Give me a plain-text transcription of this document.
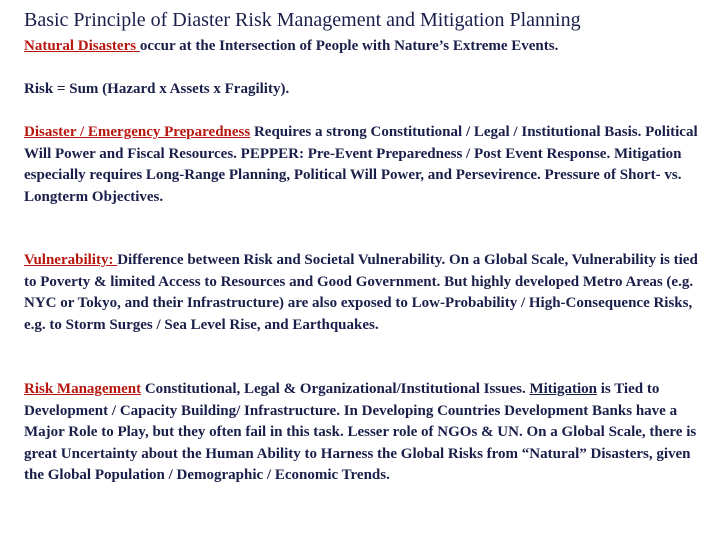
Basic Principle of Diaster Risk Management and Mitigation Planning

Natural Disasters occur at the Intersection of People with Nature’s Extreme Events.

Risk = Sum (Hazard x Assets x Fragility).

Disaster / Emergency Preparedness Requires a strong Constitutional / Legal / Institutional Basis. Political Will Power and Fiscal Resources. PEPPER: Pre-Event Preparedness / Post Event Response. Mitigation especially requires Long-Range Planning, Political Will Power, and Persevirence. Pressure of Short- vs. Longterm Objectives.

Vulnerability: Difference between Risk and Societal Vulnerability. On a Global Scale, Vulnerability is tied to Poverty & limited Access to Resources and Good Government. But highly developed Metro Areas (e.g. NYC or Tokyo, and their Infrastructure) are also exposed to Low-Probability / High-Consequence Risks, e.g. to Storm Surges / Sea Level Rise, and Earthquakes.

Risk Management Constitutional, Legal & Organizational/Institutional Issues. Mitigation is Tied to Development / Capacity Building/ Infrastructure. In Developing Countries Development Banks have a Major Role to Play, but they often fail in this task. Lesser role of NGOs & UN. On a Global Scale, there is great Uncertainty about the Human Ability to Harness the Global Risks from “Natural” Disasters, given the Global Population / Demographic / Economic Trends.
